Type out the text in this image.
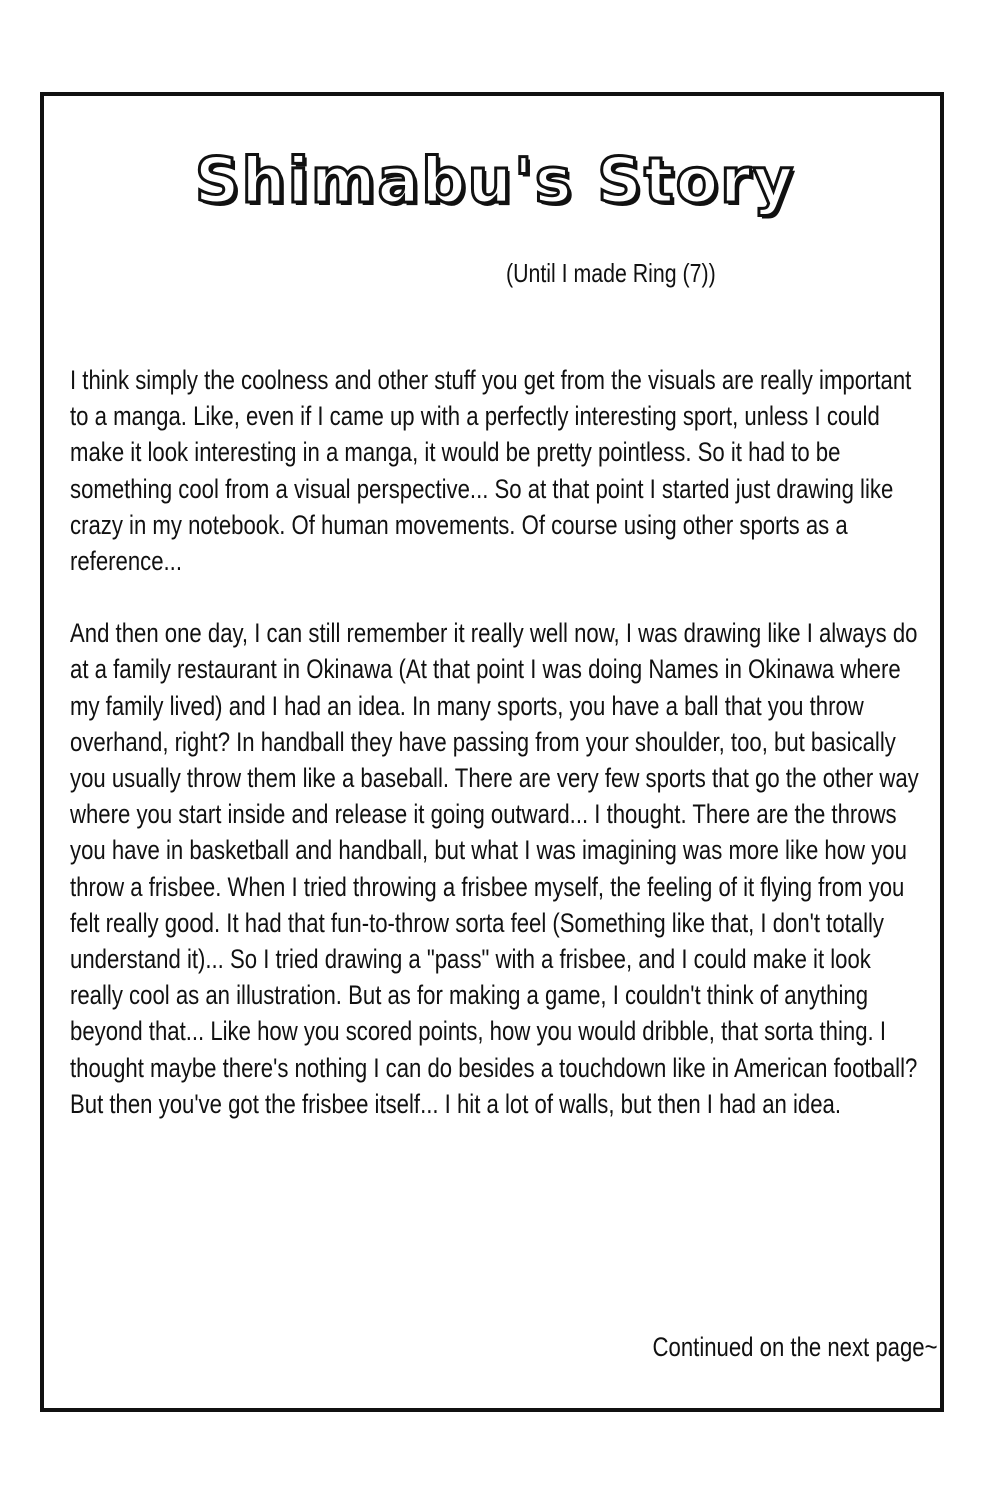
Shimabu's Story
(Until I made Ring (7))

I think simply the coolness and other stuff you get from the visuals are really important to a manga. Like, even if I came up with a perfectly interesting sport, unless I could make it look interesting in a manga, it would be pretty pointless. So it had to be something cool from a visual perspective... So at that point I started just drawing like crazy in my notebook. Of human movements. Of course using other sports as a reference...

And then one day, I can still remember it really well now, I was drawing like I always do at a family restaurant in Okinawa (At that point I was doing Names in Okinawa where my family lived) and I had an idea. In many sports, you have a ball that you throw overhand, right? In handball they have passing from your shoulder, too, but basically you usually throw them like a baseball. There are very few sports that go the other way where you start inside and release it going outward... I thought. There are the throws you have in basketball and handball, but what I was imagining was more like how you throw a frisbee. When I tried throwing a frisbee myself, the feeling of it flying from you felt really good. It had that fun-to-throw sorta feel (Something like that, I don't totally understand it)... So I tried drawing a "pass" with a frisbee, and I could make it look really cool as an illustration. But as for making a game, I couldn't think of anything beyond that... Like how you scored points, how you would dribble, that sorta thing. I thought maybe there's nothing I can do besides a touchdown like in American football? But then you've got the frisbee itself... I hit a lot of walls, but then I had an idea.

Continued on the next page~
